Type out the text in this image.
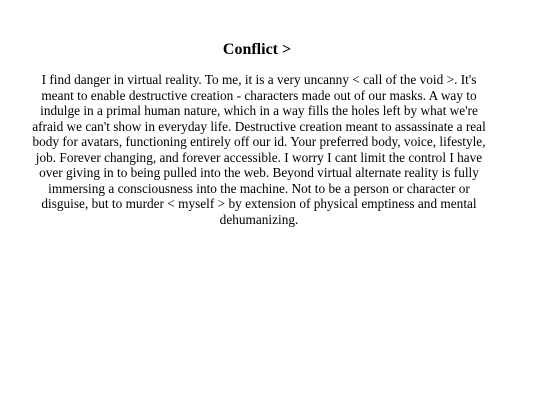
Conflict >

I find danger in virtual reality. To me, it is a very uncanny < call of the void >. It's meant to enable destructive creation - characters made out of our masks. A way to indulge in a primal human nature, which in a way fills the holes left by what we're afraid we can't show in everyday life. Destructive creation meant to assassinate a real body for avatars, functioning entirely off our id. Your preferred body, voice, lifestyle, job. Forever changing, and forever accessible. I worry I cant limit the control I have over giving in to being pulled into the web. Beyond virtual alternate reality is fully immersing a consciousness into the machine. Not to be a person or character or disguise, but to murder < myself > by extension of physical emptiness and mental dehumanizing.
